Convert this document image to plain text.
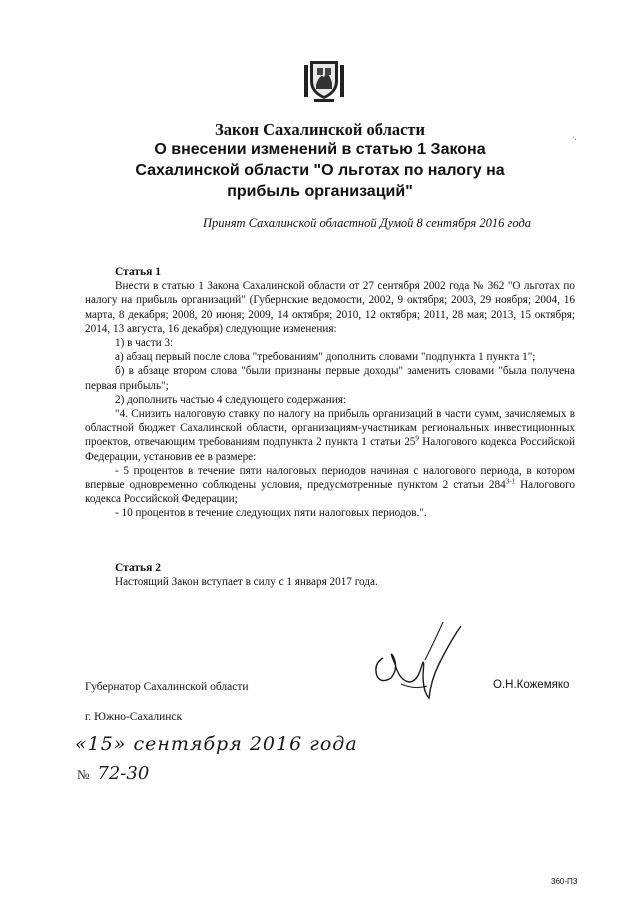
Закон Сахалинской области

О внесении изменений в статью 1 Закона
Сахалинской области "О льготах по налогу на
прибыль организаций"
Принят Сахалинской областной Думой 8 сентября 2016 года
·.

Статья 1

Внести в статью 1 Закона Сахалинской области от 27 сентября 2002 года № 362 "О льготах по налогу на прибыль организаций" (Губернские ведомости, 2002, 9 октября; 2003, 29 ноября; 2004, 16 марта, 8 декабря; 2008, 20 июня; 2009, 14 октября; 2010, 12 октября; 2011, 28 мая; 2013, 15 октября; 2014, 13 августа, 16 декабря) следующие изменения:

1) в части 3:

а) абзац первый после слова "требованиям" дополнить словами "подпункта 1 пункта 1";

б) в абзаце втором слова "были признаны первые доходы" заменить словами "была получена первая прибыль";

2) дополнить частью 4 следующего содержания:

"4. Снизить налоговую ставку по налогу на прибыль организаций в части сумм, зачисляемых в областной бюджет Сахалинской области, организациям-участникам региональных инвестиционных проектов, отвечающим требованиям подпункта 2 пункта 1 статьи $25^9$ Налогового кодекса Российской Федерации, установив ее в размере:

- 5 процентов в течение пяти налоговых периодов начиная с налогового периода, в котором впервые одновременно соблюдены условия, предусмотренные пунктом 2 статьи 284$^{3-1}$ Налогового кодекса Российской Федерации;

- 10 процентов в течение следующих пяти налоговых периодов.".

Статья 2

Настоящий Закон вступает в силу с 1 января 2017 года.

Губернатор Сахалинской области	О.Н.Кожемяко
г. Южно-Сахалинск
«15» сентября 2016 года
№ 72-30
360-ПЗ
